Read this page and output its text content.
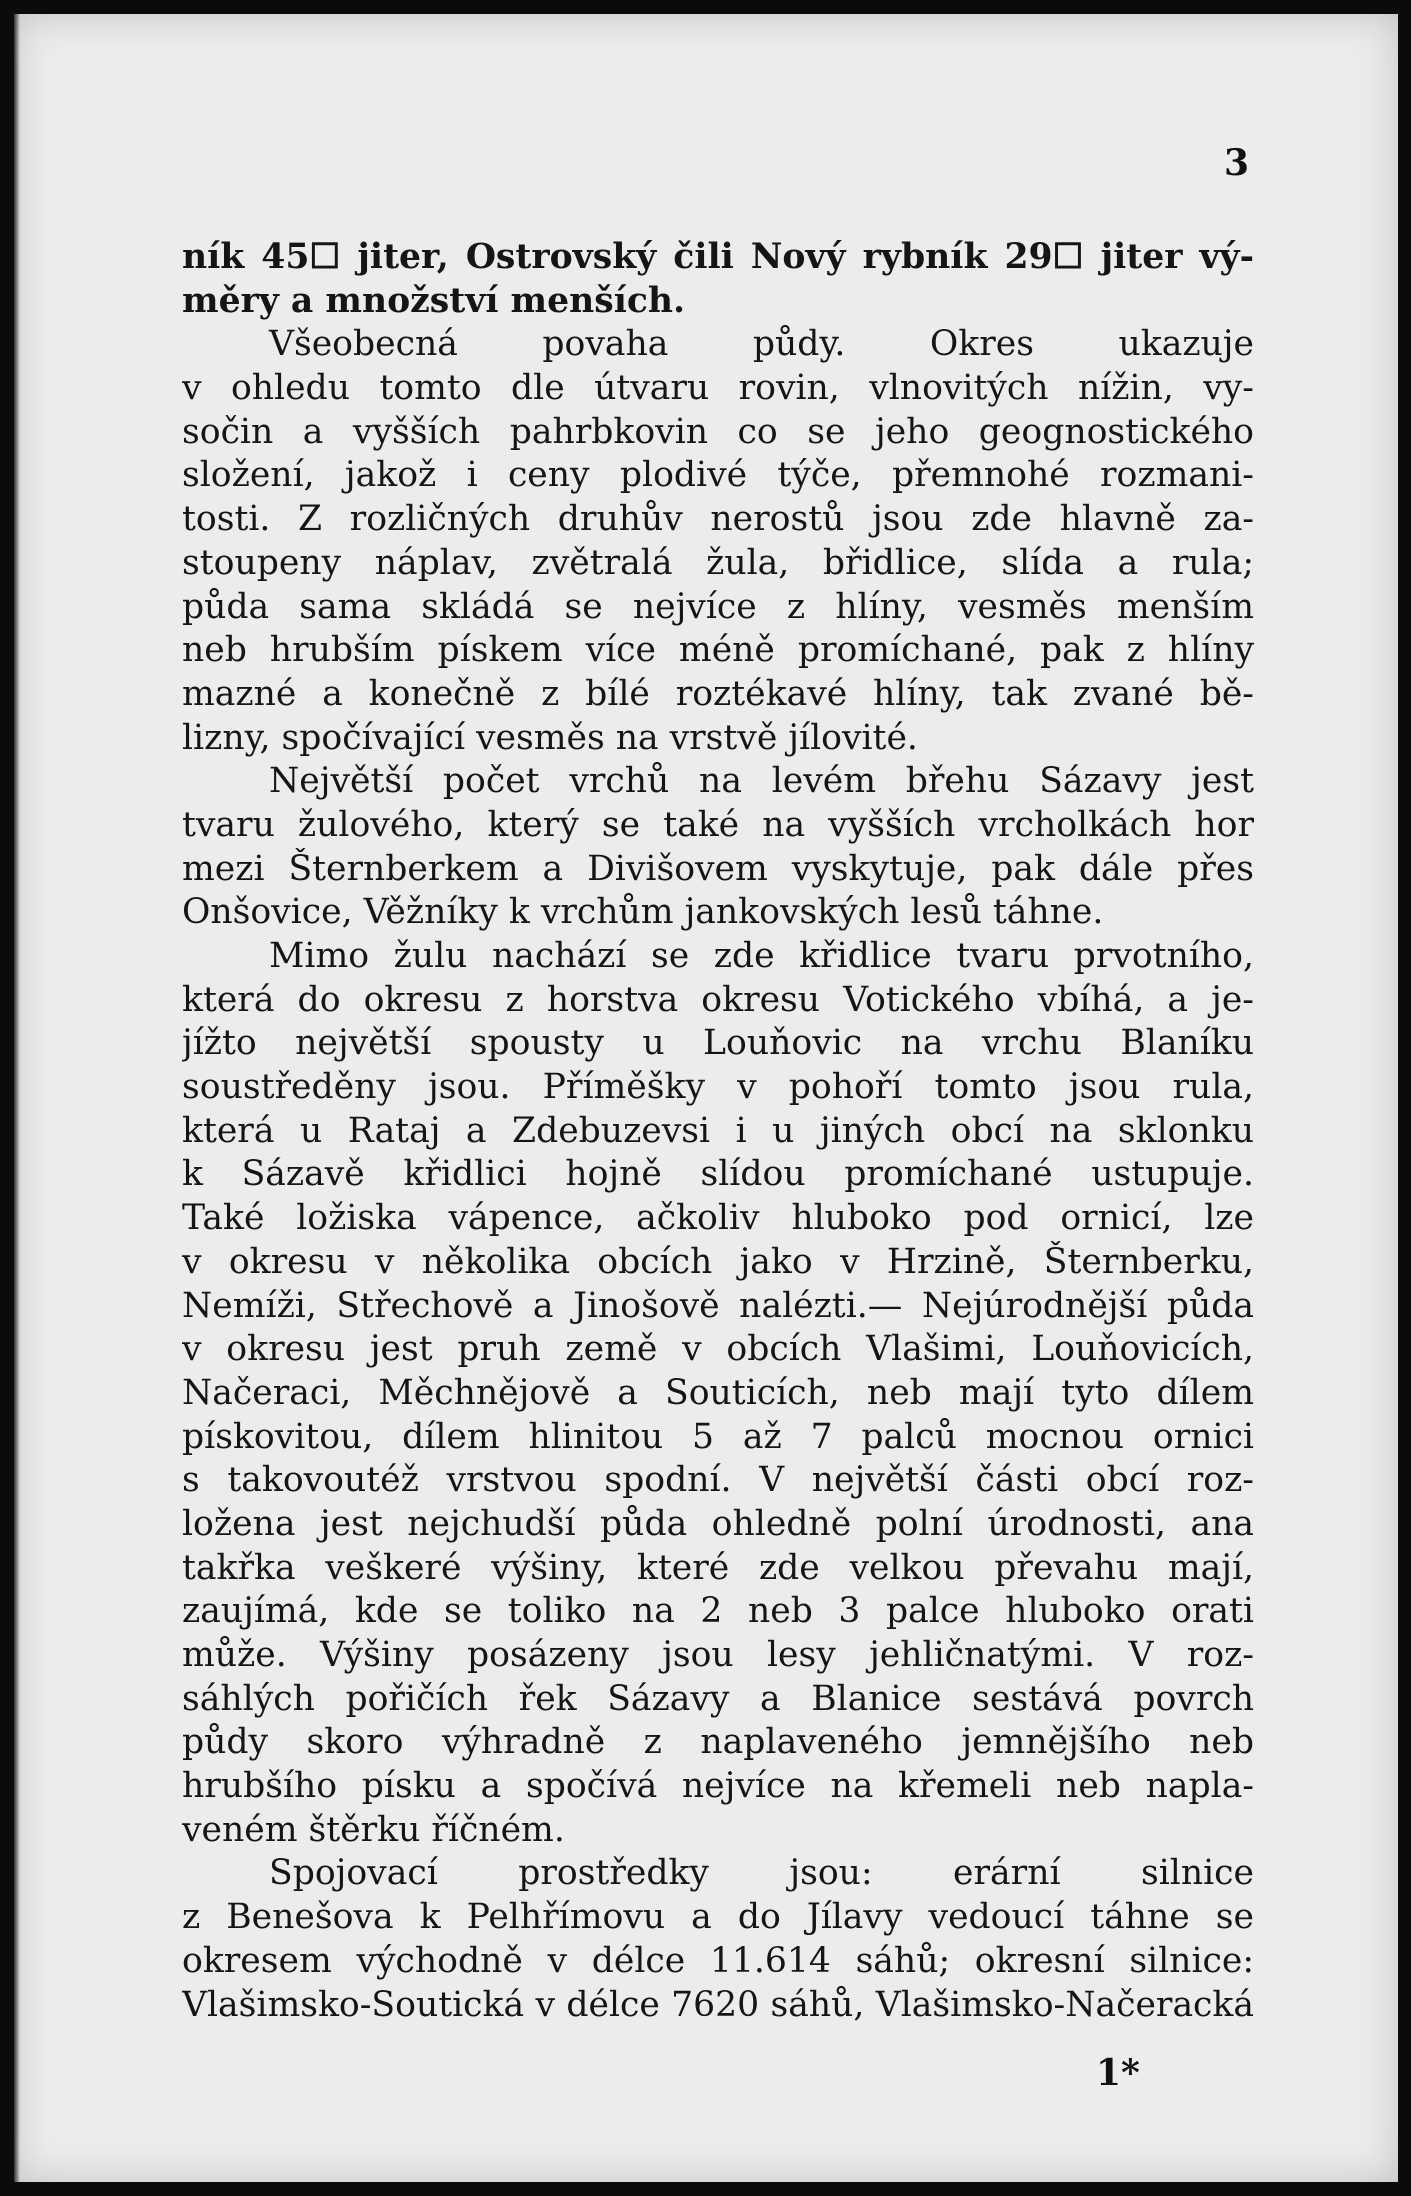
3
ník 45☐ jiter, Ostrovský čili Nový rybník 29☐ jiter vý-
měry a množství menších.
Všeobecná povaha půdy. Okres ukazuje
v ohledu tomto dle útvaru rovin, vlnovitých nížin, vy-
sočin a vyšších pahrbkovin co se jeho geognostického
složení, jakož i ceny plodivé týče, přemnohé rozmani-
tosti. Z rozličných druhův nerostů jsou zde hlavně za-
stoupeny náplav, zvětralá žula, břidlice, slída a rula;
půda sama skládá se nejvíce z hlíny, vesměs menším
neb hrubším pískem více méně promíchané, pak z hlíny
mazné a konečně z bílé roztékavé hlíny, tak zvané bě-
lizny, spočívající vesměs na vrstvě jílovité.
Největší počet vrchů na levém břehu Sázavy jest
tvaru žulového, který se také na vyšších vrcholkách hor
mezi Šternberkem a Divišovem vyskytuje, pak dále přes
Onšovice, Věžníky k vrchům jankovských lesů táhne.
Mimo žulu nachází se zde křidlice tvaru prvotního,
která do okresu z horstva okresu Votického vbíhá, a je-
jížto největší spousty u Louňovic na vrchu Blaníku
soustředěny jsou. Příměšky v pohoří tomto jsou rula,
která u Rataj a Zdebuzevsi i u jiných obcí na sklonku
k Sázavě křidlici hojně slídou promíchané ustupuje.
Také ložiska vápence, ačkoliv hluboko pod ornicí, lze
v okresu v několika obcích jako v Hrzině, Šternberku,
Nemíži, Střechově a Jinošově nalézti.— Nejúrodnější půda
v okresu jest pruh země v obcích Vlašimi, Louňovicích,
Načeraci, Měchnějově a Souticích, neb mají tyto dílem
pískovitou, dílem hlinitou 5 až 7 palců mocnou ornici
s takovoutéž vrstvou spodní. V největší části obcí roz-
ložena jest nejchudší půda ohledně polní úrodnosti, ana
takřka veškeré výšiny, které zde velkou převahu mají,
zaujímá, kde se toliko na 2 neb 3 palce hluboko orati
může. Výšiny posázeny jsou lesy jehličnatými. V roz-
sáhlých pořičích řek Sázavy a Blanice sestává povrch
půdy skoro výhradně z naplaveného jemnějšího neb
hrubšího písku a spočívá nejvíce na křemeli neb napla-
veném štěrku říčném.
Spojovací prostředky jsou: erární silnice
z Benešova k Pelhřímovu a do Jílavy vedoucí táhne se
okresem východně v délce 11.614 sáhů; okresní silnice:
Vlašimsko-Soutická v délce 7620 sáhů, Vlašimsko-Načeracká
1*
